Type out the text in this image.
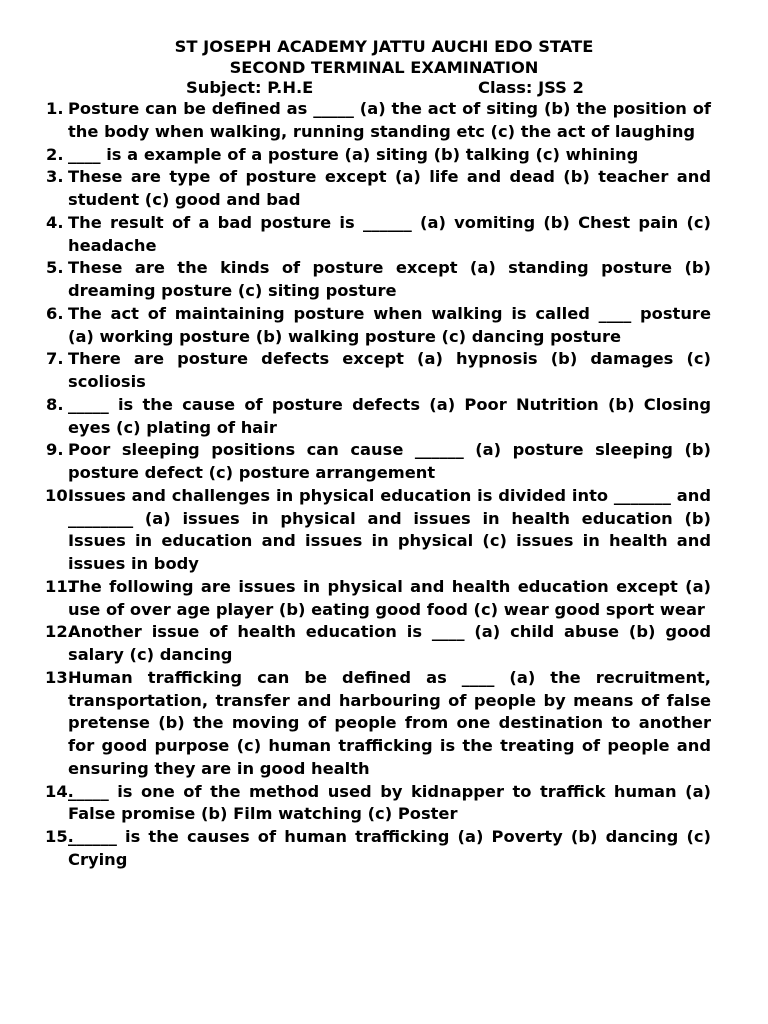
ST JOSEPH ACADEMY JATTU AUCHI EDO STATE
SECOND TERMINAL EXAMINATION
Subject: P.H.E	Class: JSS 2
1. Posture can be defined as _____ (a) the act of siting (b) the position of the body when walking, running standing etc (c) the act of laughing
2. ____ is a example of a posture (a) siting (b) talking (c) whining
3. These are type of posture except (a) life and dead (b) teacher and student (c) good and bad
4. The result of a bad posture is ______ (a) vomiting (b) Chest pain (c) headache
5. These are the kinds of posture except (a) standing posture (b) dreaming posture (c) siting posture
6. The act of maintaining posture when walking is called ____ posture (a) working posture (b) walking posture (c) dancing posture
7. There are posture defects except (a) hypnosis (b) damages (c) scoliosis
8. _____ is the cause of posture defects (a) Poor Nutrition (b) Closing eyes (c) plating of hair
9. Poor sleeping positions can cause ______ (a) posture sleeping (b) posture defect (c) posture arrangement
10.
Issues and challenges in physical education is divided into _______ and ________ (a) issues in physical and issues in health education (b) Issues in education and issues in physical (c) issues in health and issues in body
11.
The following are issues in physical and health education except (a) use of over age player (b) eating good food (c) wear good sport wear
12.
Another issue of health education is ____ (a) child abuse (b) good salary (c) dancing
13.
Human trafficking can be defined as ____ (a) the recruitment, transportation, transfer and harbouring of people by means of false pretense (b) the moving of people from one destination to another for good purpose (c) human trafficking is the treating of people and ensuring they are in good health
14.
_____ is one of the method used by kidnapper to traffick human (a) False promise (b) Film watching (c) Poster
15.
______ is the causes of human trafficking (a) Poverty (b) dancing (c) Crying
